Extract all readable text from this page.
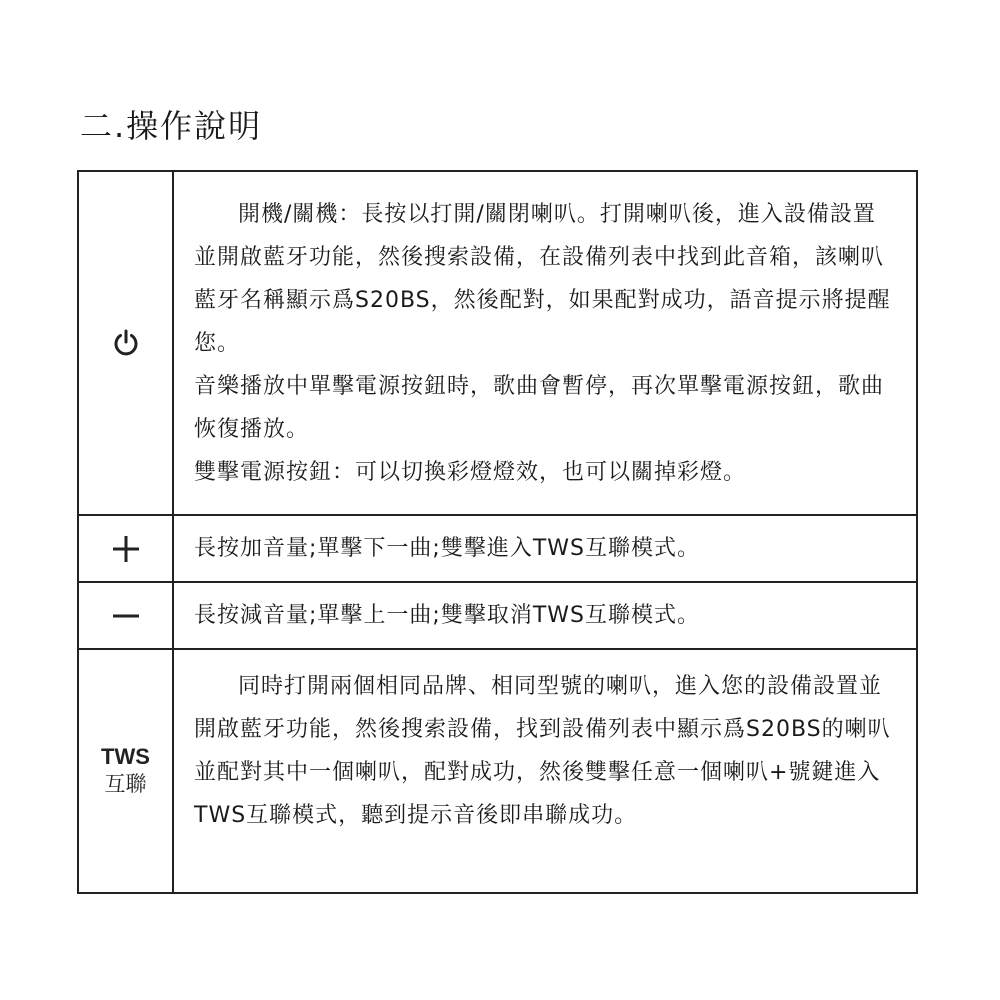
二.操作說明

開機/關機：長按以打開/關閉喇叭。打開喇叭後，進入設備設置並開啟藍牙功能，然後搜索設備，在設備列表中找到此音箱，該喇叭藍牙名稱顯示爲S20BS，然後配對，如果配對成功，語音提示將提醒您。

音樂播放中單擊電源按鈕時，歌曲會暫停，再次單擊電源按鈕，歌曲恢復播放。

雙擊電源按鈕：可以切換彩燈燈效，也可以關掉彩燈。

長按加音量;單擊下一曲;雙擊進入TWS互聯模式。
長按減音量;單擊上一曲;雙擊取消TWS互聯模式。
TWS
互聯

同時打開兩個相同品牌、相同型號的喇叭，進入您的設備設置並開啟藍牙功能，然後搜索設備，找到設備列表中顯示爲S20BS的喇叭並配對其中一個喇叭，配對成功，然後雙擊任意一個喇叭+號鍵進入TWS互聯模式，聽到提示音後即串聯成功。
